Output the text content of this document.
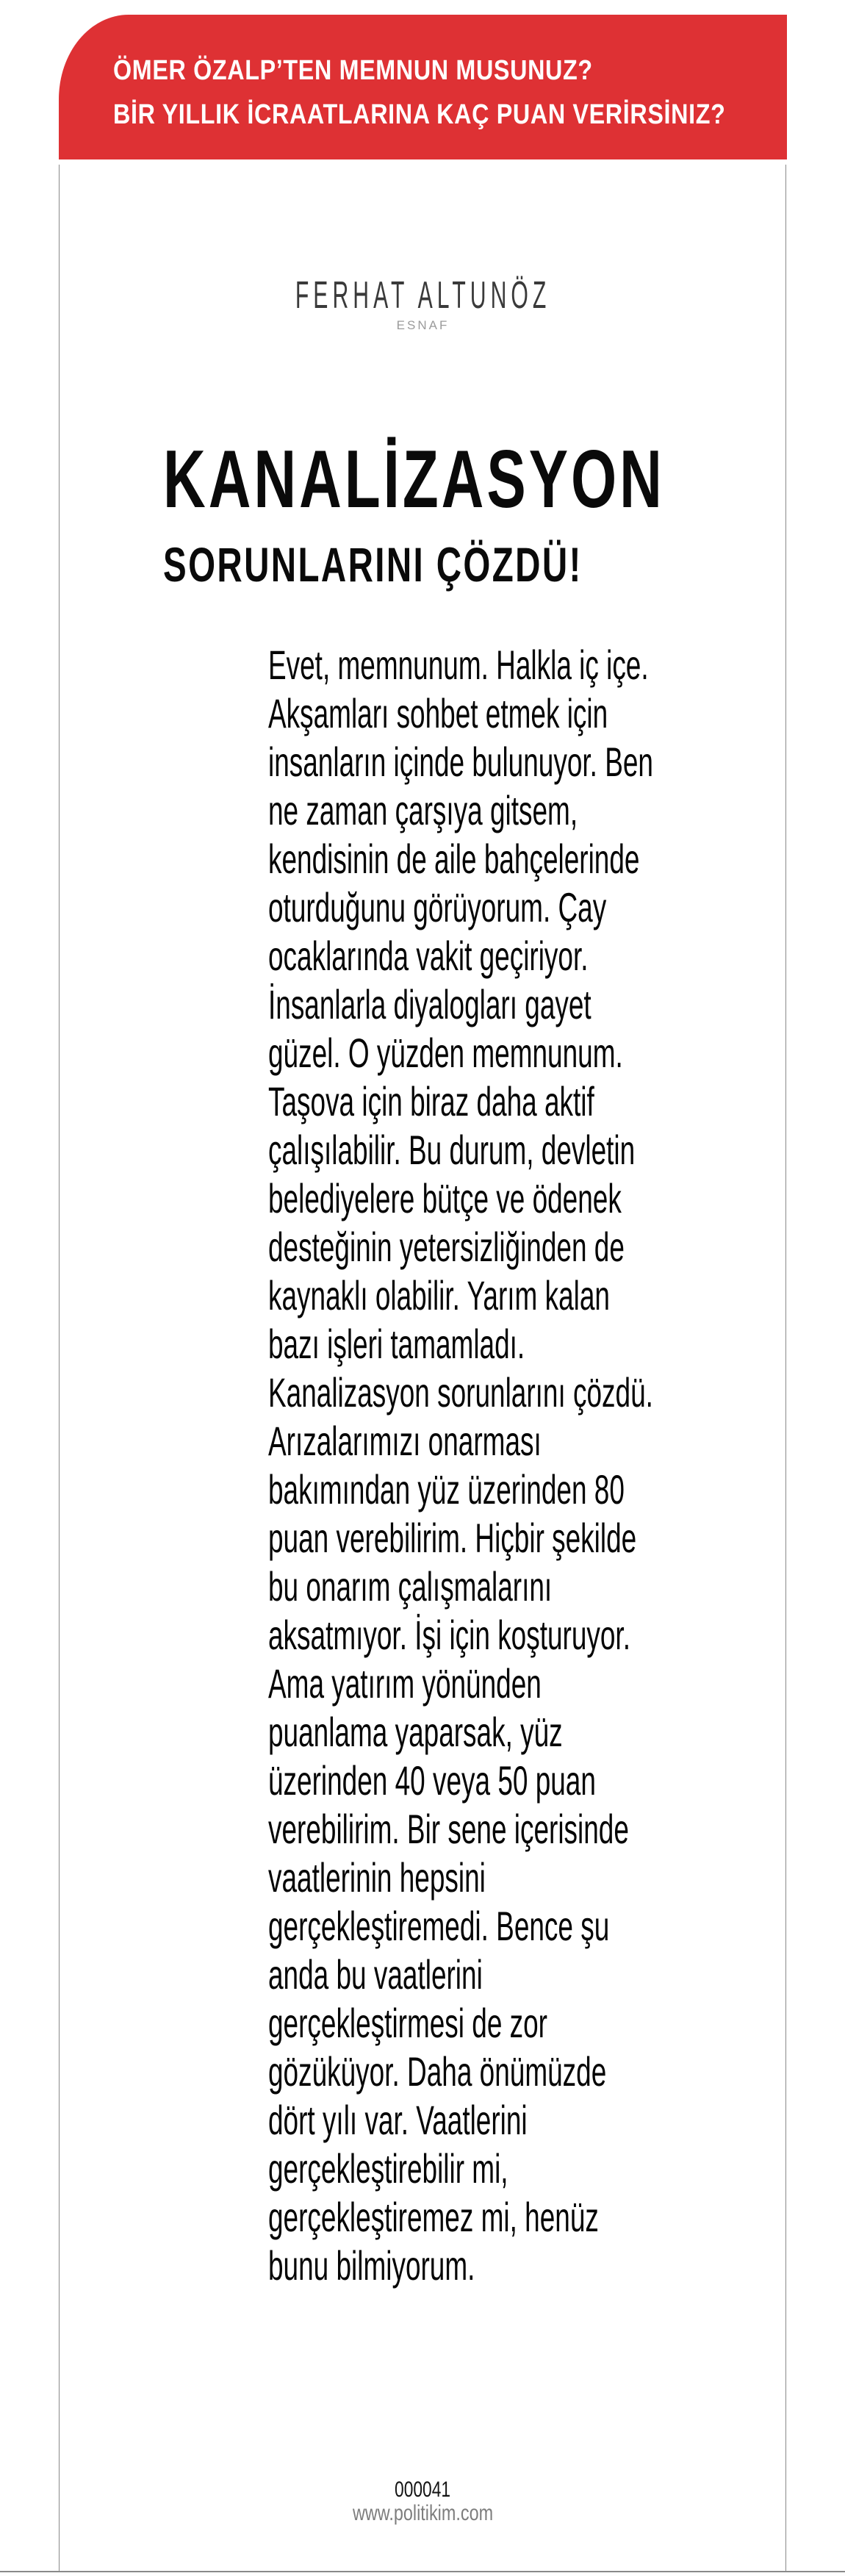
ÖMER ÖZALP’TEN MEMNUN MUSUNUZ?
BİR YILLIK İCRAATLARINA KAÇ PUAN VERİRSİNIZ?
FERHAT ALTUNÖZ
ESNAF
KANALİZASYON
SORUNLARINI ÇÖZDÜ!
Evet, memnunum. Halkla iç içe.
Akşamları sohbet etmek için
insanların içinde bulunuyor. Ben
ne zaman çarşıya gitsem,
kendisinin de aile bahçelerinde
oturduğunu görüyorum. Çay
ocaklarında vakit geçiriyor.
İnsanlarla diyalogları gayet
güzel. O yüzden memnunum.
Taşova için biraz daha aktif
çalışılabilir. Bu durum, devletin
belediyelere bütçe ve ödenek
desteğinin yetersizliğinden de
kaynaklı olabilir. Yarım kalan
bazı işleri tamamladı.
Kanalizasyon sorunlarını çözdü.
Arızalarımızı onarması
bakımından yüz üzerinden 80
puan verebilirim. Hiçbir şekilde
bu onarım çalışmalarını
aksatmıyor. İşi için koşturuyor.
Ama yatırım yönünden
puanlama yaparsak, yüz
üzerinden 40 veya 50 puan
verebilirim. Bir sene içerisinde
vaatlerinin hepsini
gerçekleştiremedi. Bence şu
anda bu vaatlerini
gerçekleştirmesi de zor
gözüküyor. Daha önümüzde
dört yılı var. Vaatlerini
gerçekleştirebilir mi,
gerçekleştiremez mi, henüz
bunu bilmiyorum.
000041
www.politikim.com
